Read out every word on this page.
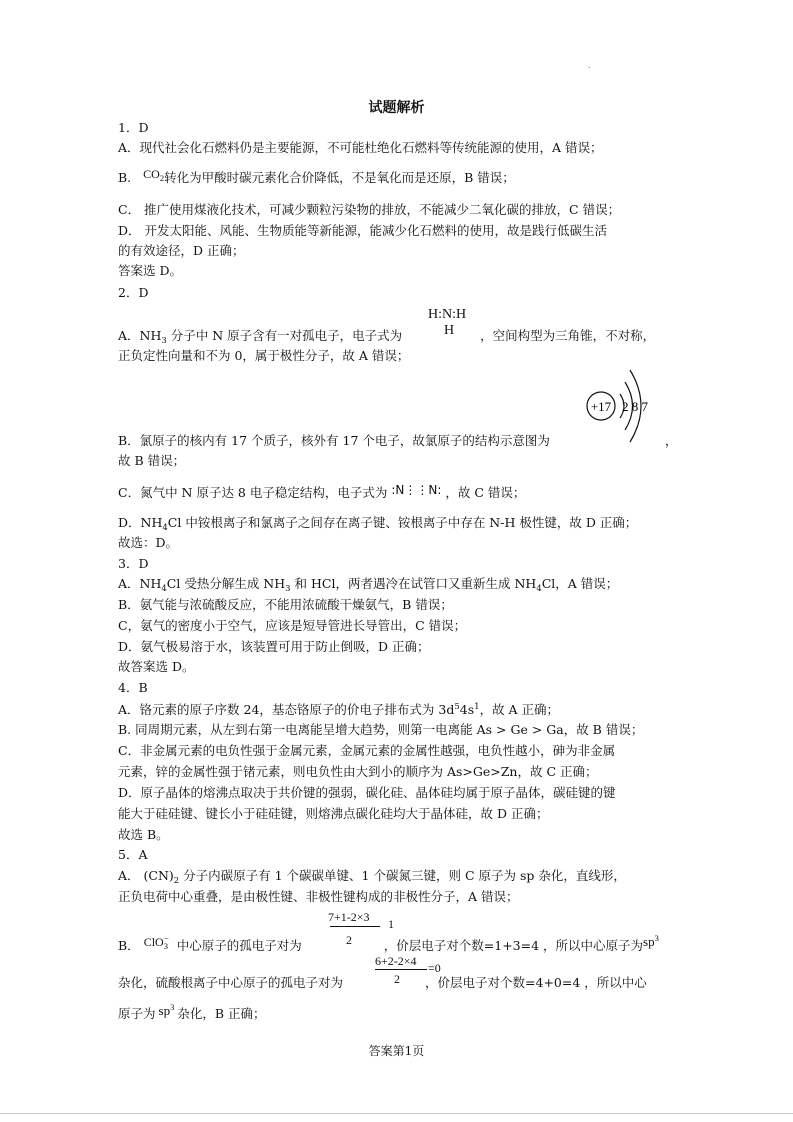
.
试题解析
1．D
A．现代社会化石燃料仍是主要能源，不可能杜绝化石燃料等传统能源的使用，A 错误；
B. $CO_2$转化为甲酸时碳元素化合价降低，不是氧化而是还原，B 错误；
C． 推广使用煤液化技术，可减少颗粒污染物的排放，不能减少二氧化碳的排放，C 错误；
D． 开发太阳能、风能、生物质能等新能源，能减少化石燃料的使用，故是践行低碳生活
的有效途径，D 正确；
答案选 D。
2．D
H:N:H
H
A．$NH_3$ 分子中 N 原子含有一对孤电子，电子式为	，空间构型为三角锥，不对称，
正负定性向量和不为 0，属于极性分子，故 A 错误；
+17 2 8 7
B．氯原子的核内有 17 个质子，核外有 17 个电子，故氯原子的结构示意图为	，
故 B 错误；
C．氮气中 N 原子达 8 电子稳定结构，电子式为 :N⋮⋮N: ，故 C 错误；
D．$NH_4Cl$ 中铵根离子和氯离子之间存在离子键、铵根离子中存在 N-H 极性键，故 D 正确；
故选：D。
3．D
A．$NH_4Cl$ 受热分解生成 $NH_3$ 和 HCl，两者遇冷在试管口又重新生成 $NH_4Cl$，A 错误；
B．氨气能与浓硫酸反应，不能用浓硫酸干燥氨气，B 错误；
C，氨气的密度小于空气，应该是短导管进长导管出，C 错误；
D．氨气极易溶于水，该装置可用于防止倒吸，D 正确；
故答案选 D。
4．B
A．铬元素的原子序数 24，基态铬原子的价电子排布式为 $3d^54s^1$，故 A 正确；
B. 同周期元素，从左到右第一电离能呈增大趋势，则第一电离能 As > Ge > Ga，故 B 错误；
C．非金属元素的电负性强于金属元素，金属元素的金属性越强，电负性越小，砷为非金属
元素，锌的金属性强于锗元素，则电负性由大到小的顺序为 As>Ge>Zn，故 C 正确；
D．原子晶体的熔沸点取决于共价键的强弱，碳化硅、晶体硅均属于原子晶体，碳硅键的键
能大于硅硅键、键长小于硅硅键，则熔沸点碳化硅均大于晶体硅，故 D 正确；
故选 B。
5．A
A． $(CN)_2$ 分子内碳原子有 1 个碳碳单键、1 个碳氮三键，则 C 原子为 sp 杂化，直线形，
正负电荷中心重叠，是由极性键、非极性键构成的非极性分子，A 错误；
7+1-2×3
2
1
B． ClO$_3$− 中心原子的孤电子对为	，价层电子对个数=1+3=4 ，所以中心原子为$sp^3$
6+2-2×4 =0
2
杂化，硫酸根离子中心原子的孤电子对为	，价层电子对个数=4+0=4 ，所以中心
原子为 $sp^3$ 杂化，B 正确；
答案第1页
